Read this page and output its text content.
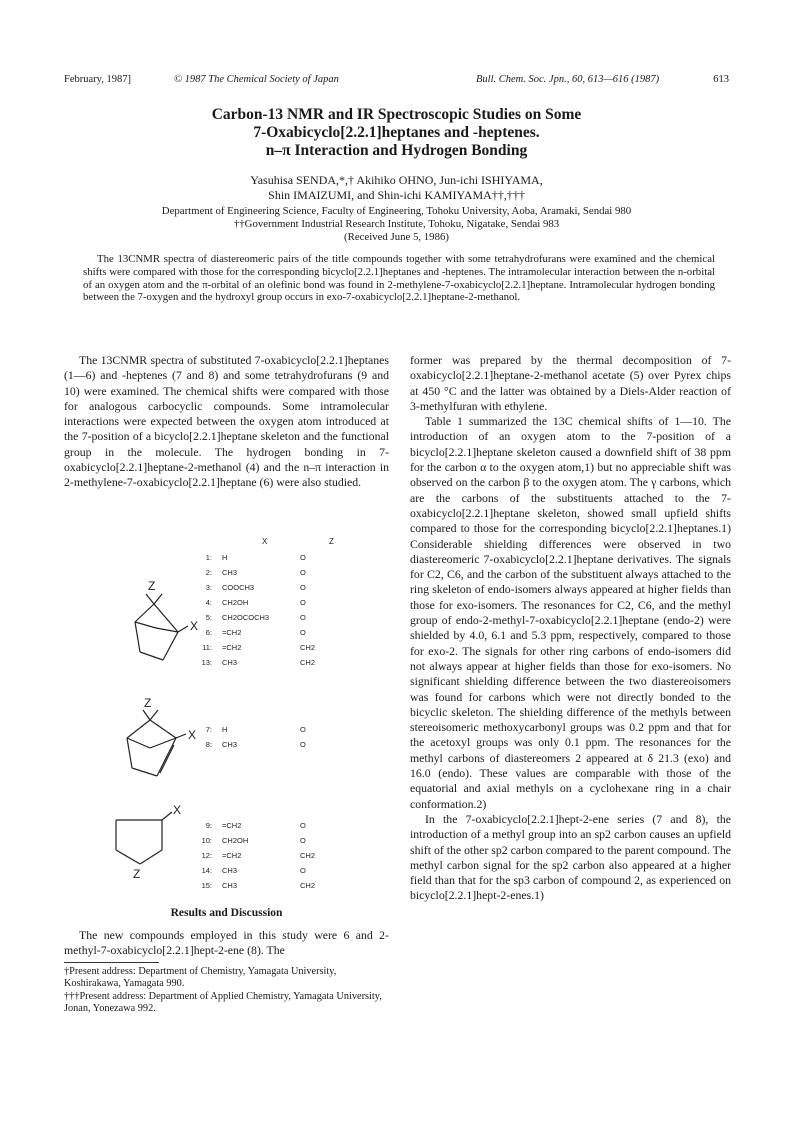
February, 1987]	© 1987 The Chemical Society of Japan	Bull. Chem. Soc. Jpn., 60, 613—616 (1987)	613
Carbon-13 NMR and IR Spectroscopic Studies on Some
7-Oxabicyclo[2.2.1]heptanes and -heptenes.
n–π Interaction and Hydrogen Bonding
Yasuhisa SENDA,*,† Akihiko OHNO, Jun-ichi ISHIYAMA,
Shin IMAIZUMI, and Shin-ichi KAMIYAMA††,†††
Department of Engineering Science, Faculty of Engineering, Tohoku University, Aoba, Aramaki, Sendai 980
††Government Industrial Research Institute, Tohoku, Nigatake, Sendai 983
(Received June 5, 1986)
The 13CNMR spectra of diastereomeric pairs of the title compounds together with some tetrahydrofurans were examined and the chemical shifts were compared with those for the corresponding bicyclo[2.2.1]heptanes and -heptenes. The intramolecular interaction between the n-orbital of an oxygen atom and the π-orbital of an olefinic bond was found in 2-methylene-7-oxabicyclo[2.2.1]heptane. Intramolecular hydrogen bonding between the 7-oxygen and the hydroxyl group occurs in exo-7-oxabicyclo[2.2.1]heptane-2-methanol.

The 13CNMR spectra of substituted 7-oxabicyclo[2.2.1]heptanes (1—6) and -heptenes (7 and 8) and some tetrahydrofurans (9 and 10) were examined. The chemical shifts were compared with those for analogous carbocyclic compounds. Some intramolecular interactions were expected between the oxygen atom introduced at the 7-position of a bicyclo[2.2.1]heptane skeleton and the functional group in the molecule. The hydrogen bonding in 7-oxabicyclo[2.2.1]heptane-2-methanol (4) and the n–π interaction in 2-methylene-7-oxabicyclo[2.2.1]heptane (6) were also studied.

X	Z
Z
X
Z
X
Z
X
1: H	O
2: CH3	O
3: COOCH3	O
4: CH2OH	O
5: CH2OCOCH3	O
6: =CH2	O
11: =CH2	CH2
13: CH3	CH2
7: H	O
8: CH3	O
9: =CH2	O
10: CH2OH	O
12: =CH2	CH2
14: CH3	O
15: CH3	CH2
Results and Discussion

The new compounds employed in this study were 6 and 2-methyl-7-oxabicyclo[2.2.1]hept-2-ene (8). The

†Present address: Department of Chemistry, Yamagata University, Koshirakawa, Yamagata 990.
†††Present address: Department of Applied Chemistry, Yamagata University, Jonan, Yonezawa 992.

former was prepared by the thermal decomposition of 7-oxabicyclo[2.2.1]heptane-2-methanol acetate (5) over Pyrex chips at 450 °C and the latter was obtained by a Diels-Alder reaction of 3-methylfuran with ethylene.

Table 1 summarized the 13C chemical shifts of 1—10. The introduction of an oxygen atom to the 7-position of a bicyclo[2.2.1]heptane skeleton caused a downfield shift of 38 ppm for the carbon α to the oxygen atom,1) but no appreciable shift was observed on the carbon β to the oxygen atom. The γ carbons, which are the carbons of the substituents attached to the 7-oxabicyclo[2.2.1]heptane skeleton, showed small upfield shifts compared to those for the corresponding bicyclo[2.2.1]heptanes.1) Considerable shielding differences were observed in two diastereomeric 7-oxabicyclo[2.2.1]heptane derivatives. The signals for C2, C6, and the carbon of the substituent always attached to the ring skeleton of endo-isomers always appeared at higher fields than those for exo-isomers. The resonances for C2, C6, and the methyl group of endo-2-methyl-7-oxabicyclo[2.2.1]heptane (endo-2) were shielded by 4.0, 6.1 and 5.3 ppm, respectively, compared to those for exo-2. The signals for other ring carbons of endo-isomers did not always appear at higher fields than those for exo-isomers. No significant shielding difference between the two diastereoisomers was found for carbons which were not directly bonded to the bicyclic skeleton. The shielding difference of the methyls between stereoisomeric methoxycarbonyl groups was 0.2 ppm and that for the acetoxyl groups was only 0.1 ppm. The resonances for the methyl carbons of diastereomers 2 appeared at δ 21.3 (exo) and 16.0 (endo). These values are comparable with those of the equatorial and axial methyls on a cyclohexane ring in a chair conformation.2)

In the 7-oxabicyclo[2.2.1]hept-2-ene series (7 and 8), the introduction of a methyl group into an sp2 carbon causes an upfield shift of the other sp2 carbon compared to the parent compound. The methyl carbon signal for the sp2 carbon also appeared at a higher field than that for the sp3 carbon of compound 2, as experienced on bicyclo[2.2.1]hept-2-enes.1)
